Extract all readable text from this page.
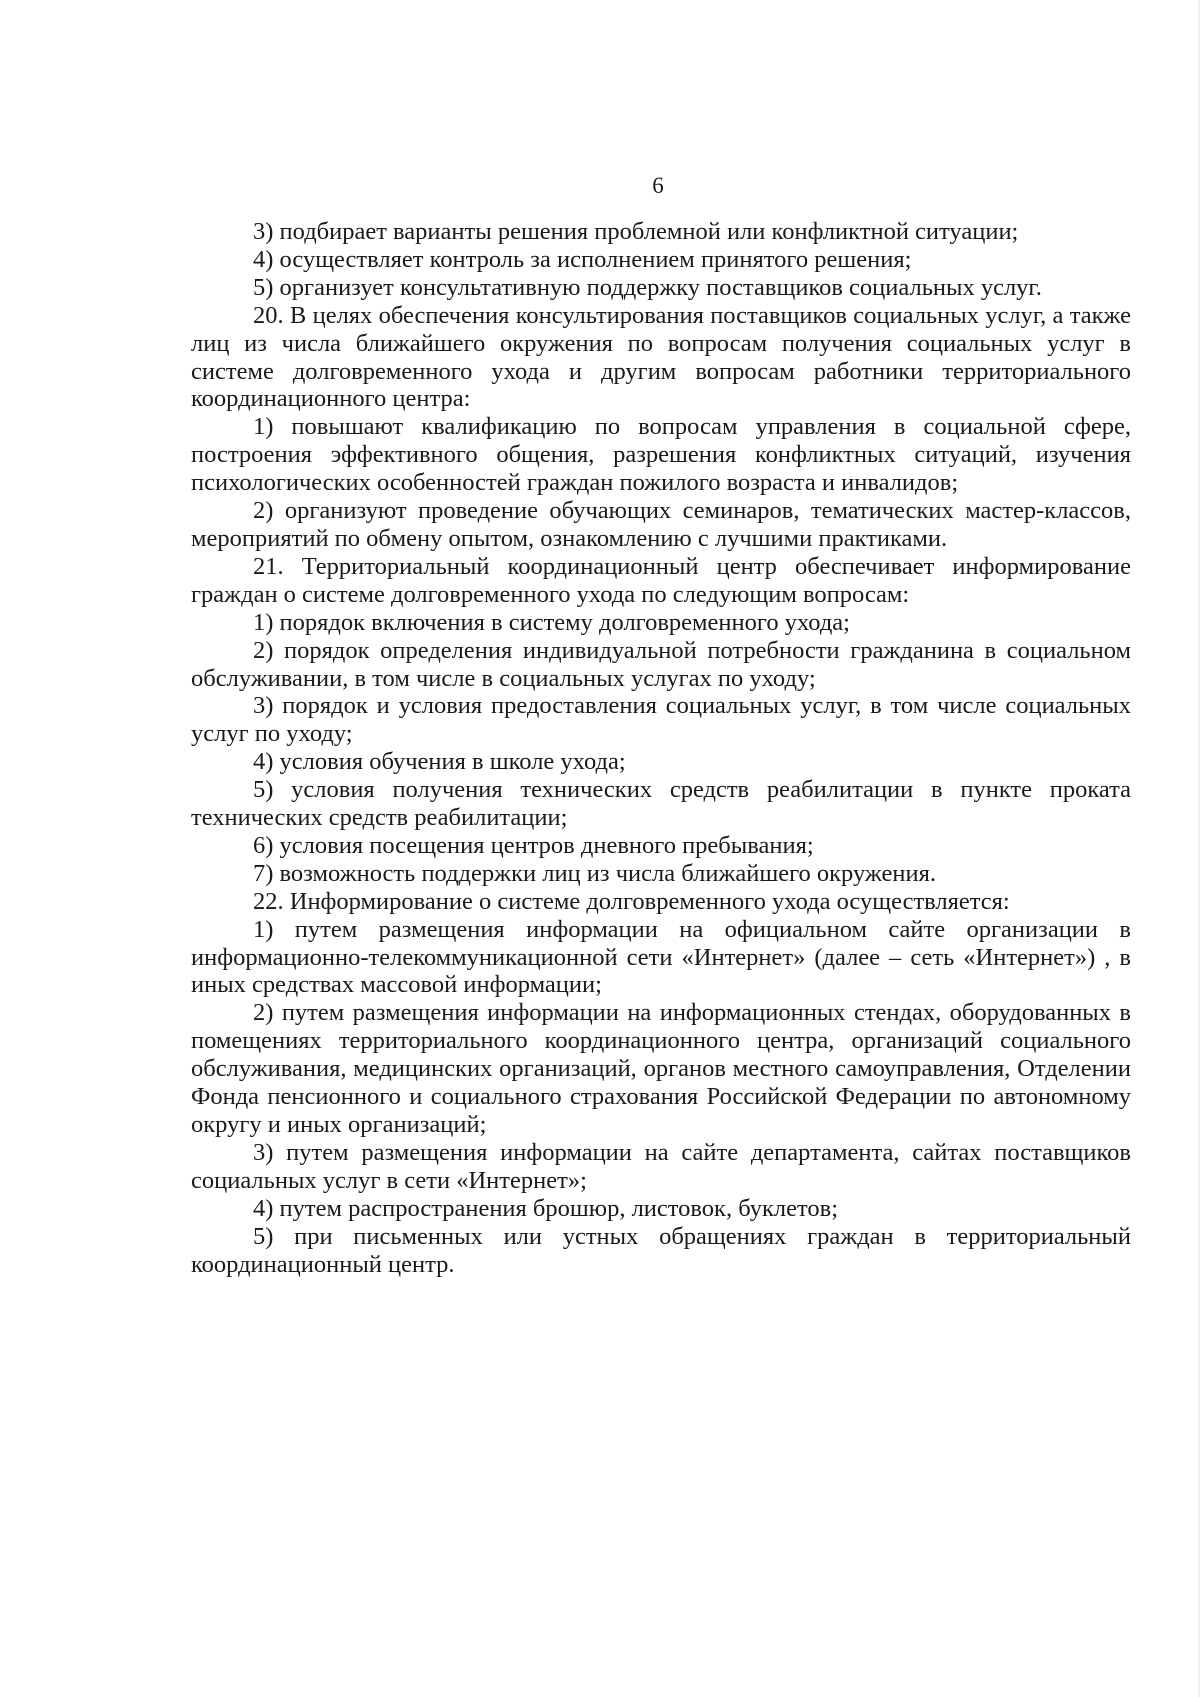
6

3) подбирает варианты решения проблемной или конфликтной ситуации;

4) осуществляет контроль за исполнением принятого решения;

5) организует консультативную поддержку поставщиков социальных услуг.

20. В целях обеспечения консультирования поставщиков социальных услуг, а также лиц из числа ближайшего окружения по вопросам получения социальных услуг в системе долговременного ухода и другим вопросам работники территориального координационного центра:

1) повышают квалификацию по вопросам управления в социальной сфере, построения эффективного общения, разрешения конфликтных ситуаций, изучения психологических особенностей граждан пожилого возраста и инвалидов;

2) организуют проведение обучающих семинаров, тематических мастер-классов, мероприятий по обмену опытом, ознакомлению с лучшими практиками.

21. Территориальный координационный центр обеспечивает информирование граждан о системе долговременного ухода по следующим вопросам:

1) порядок включения в систему долговременного ухода;

2) порядок определения индивидуальной потребности гражданина в социальном обслуживании, в том числе в социальных услугах по уходу;

3) порядок и условия предоставления социальных услуг, в том числе социальных услуг по уходу;

4) условия обучения в школе ухода;

5) условия получения технических средств реабилитации в пункте проката технических средств реабилитации;

6) условия посещения центров дневного пребывания;

7) возможность поддержки лиц из числа ближайшего окружения.

22. Информирование о системе долговременного ухода осуществляется:

1) путем размещения информации на официальном сайте организации в информационно-телекоммуникационной сети «Интернет» (далее – сеть «Интернет») , в иных средствах массовой информации;

2) путем размещения информации на информационных стендах, оборудованных в помещениях территориального координационного центра, организаций социального обслуживания, медицинских организаций, органов местного самоуправления, Отделении Фонда пенсионного и социального страхования Российской Федерации по автономному округу и иных организаций;

3) путем размещения информации на сайте департамента, сайтах поставщиков социальных услуг в сети «Интернет»;

4) путем распространения брошюр, листовок, буклетов;

5) при письменных или устных обращениях граждан в территориальный координационный центр.
